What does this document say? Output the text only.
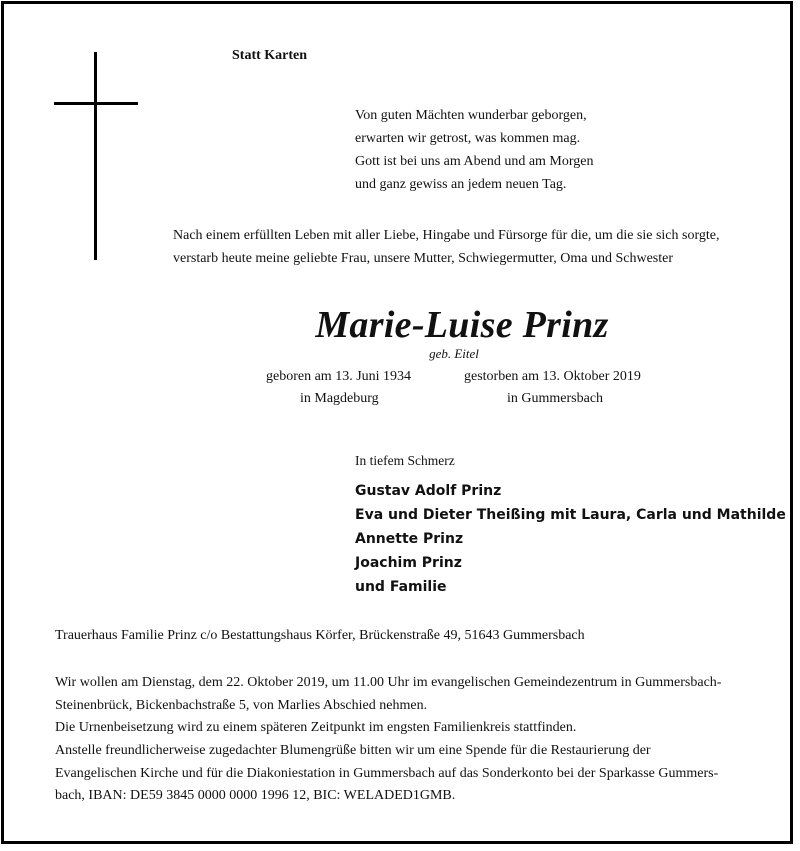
Statt Karten
Von guten Mächten wunderbar geborgen,
erwarten wir getrost, was kommen mag.
Gott ist bei uns am Abend und am Morgen
und ganz gewiss an jedem neuen Tag.
Nach einem erfüllten Leben mit aller Liebe, Hingabe und Fürsorge für die, um die sie sich sorgte,
verstarb heute meine geliebte Frau, unsere Mutter, Schwiegermutter, Oma und Schwester
Marie-Luise Prinz
geb. Eitel
geboren am 13. Juni 1934	gestorben am 13. Oktober 2019
in Magdeburg	in Gummersbach
In tiefem Schmerz
Gustav Adolf Prinz
Eva und Dieter Theißing mit Laura, Carla und Mathilde
Annette Prinz
Joachim Prinz
und Familie
Trauerhaus Familie Prinz c/o Bestattungshaus Körfer, Brückenstraße 49, 51643 Gummersbach
Wir wollen am Dienstag, dem 22. Oktober 2019, um 11.00 Uhr im evangelischen Gemeindezentrum in Gummersbach-
Steinenbrück, Bickenbachstraße 5, von Marlies Abschied nehmen.
Die Urnenbeisetzung wird zu einem späteren Zeitpunkt im engsten Familienkreis stattfinden.
Anstelle freundlicherweise zugedachter Blumengrüße bitten wir um eine Spende für die Restaurierung der
Evangelischen Kirche und für die Diakoniestation in Gummersbach auf das Sonderkonto bei der Sparkasse Gummers-
bach, IBAN: DE59 3845 0000 0000 1996 12, BIC: WELADED1GMB.
